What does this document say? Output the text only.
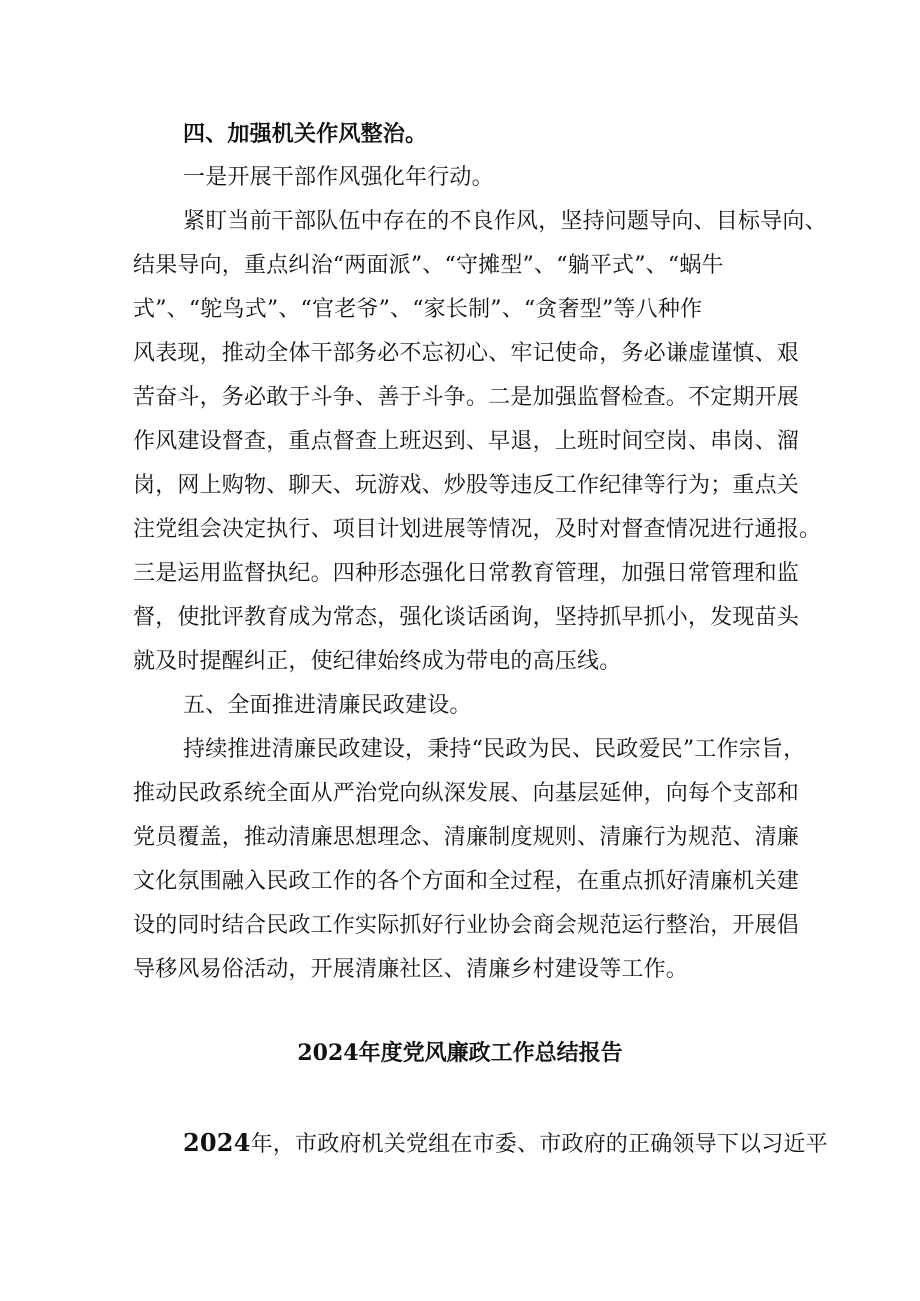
四、加强机关作风整治。
一是开展干部作风强化年行动。
紧盯当前干部队伍中存在的不良作风，坚持问题导向、目标导向、
结果导向，重点纠治“两面派”、“守摊型”、“躺平式”、“蜗牛
式”、“鸵鸟式”、“官老爷”、“家长制”、“贪奢型”等八种作
风表现，推动全体干部务必不忘初心、牢记使命，务必谦虚谨慎、艰
苦奋斗，务必敢于斗争、善于斗争。二是加强监督检查。不定期开展
作风建设督查，重点督查上班迟到、早退，上班时间空岗、串岗、溜
岗，网上购物、聊天、玩游戏、炒股等违反工作纪律等行为；重点关
注党组会决定执行、项目计划进展等情况，及时对督查情况进行通报。
三是运用监督执纪。四种形态强化日常教育管理，加强日常管理和监
督，使批评教育成为常态，强化谈话函询，坚持抓早抓小，发现苗头
就及时提醒纠正，使纪律始终成为带电的高压线。
五、全面推进清廉民政建设。
持续推进清廉民政建设，秉持“民政为民、民政爱民”工作宗旨，
推动民政系统全面从严治党向纵深发展、向基层延伸，向每个支部和
党员覆盖，推动清廉思想理念、清廉制度规则、清廉行为规范、清廉
文化氛围融入民政工作的各个方面和全过程，在重点抓好清廉机关建
设的同时结合民政工作实际抓好行业协会商会规范运行整治，开展倡
导移风易俗活动，开展清廉社区、清廉乡村建设等工作。
2024年度党风廉政工作总结报告
2024年，市政府机关党组在市委、市政府的正确领导下以习近平
